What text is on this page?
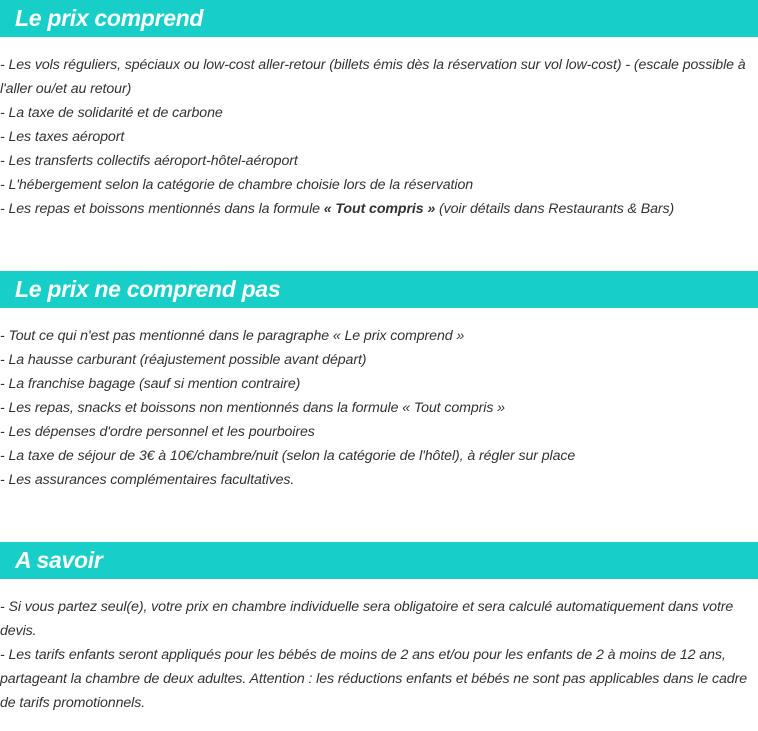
Le prix comprend
- Les vols réguliers, spéciaux ou low-cost aller-retour (billets émis dès la réservation sur vol low-cost) - (escale possible à l'aller ou/et au retour)
- La taxe de solidarité et de carbone
- Les taxes aéroport
- Les transferts collectifs aéroport-hôtel-aéroport
- L'hébergement selon la catégorie de chambre choisie lors de la réservation
- Les repas et boissons mentionnés dans la formule « Tout compris » (voir détails dans Restaurants & Bars)
Le prix ne comprend pas
- Tout ce qui n'est pas mentionné dans le paragraphe « Le prix comprend »
- La hausse carburant (réajustement possible avant départ)
- La franchise bagage (sauf si mention contraire)
- Les repas, snacks et boissons non mentionnés dans la formule « Tout compris »
- Les dépenses d'ordre personnel et les pourboires
- La taxe de séjour de 3€ à 10€/chambre/nuit (selon la catégorie de l'hôtel), à régler sur place
- Les assurances complémentaires facultatives.
A savoir
- Si vous partez seul(e), votre prix en chambre individuelle sera obligatoire et sera calculé automatiquement dans votre devis.
- Les tarifs enfants seront appliqués pour les bébés de moins de 2 ans et/ou pour les enfants de 2 à moins de 12 ans, partageant la chambre de deux adultes. Attention : les réductions enfants et bébés ne sont pas applicables dans le cadre de tarifs promotionnels.
